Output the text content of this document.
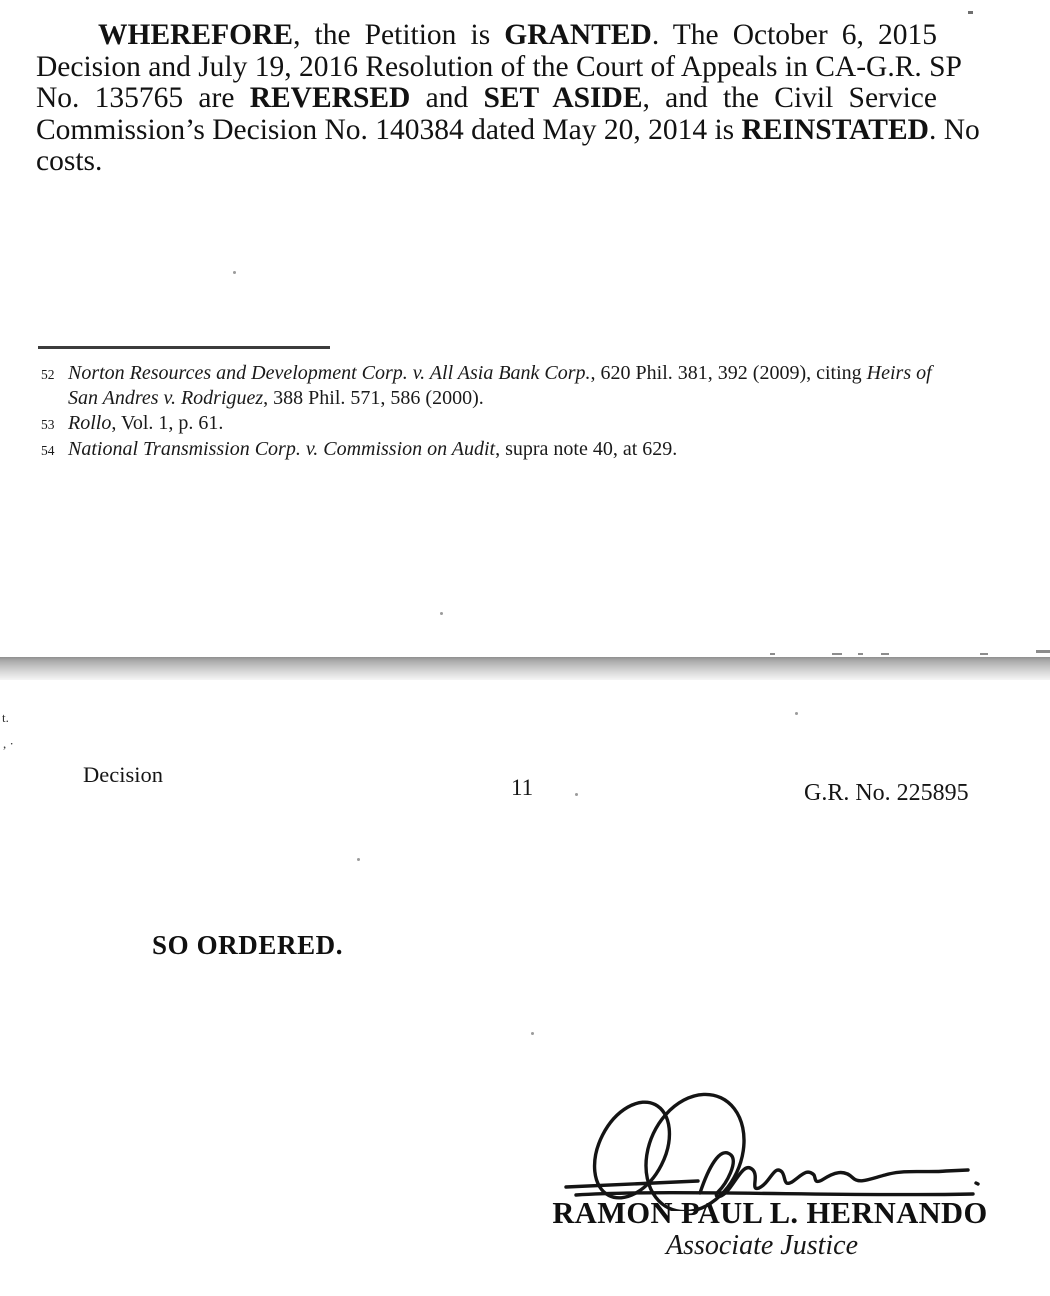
WHEREFORE, the Petition is GRANTED. The October 6, 2015
Decision and July 19, 2016 Resolution of the Court of Appeals in CA-G.R. SP
No. 135765 are REVERSED and SET ASIDE, and the Civil Service
Commission’s Decision No. 140384 dated May 20, 2014 is REINSTATED. No
costs.
52 Norton Resources and Development Corp. v. All Asia Bank Corp., 620 Phil. 381, 392 (2009), citing Heirs of San Andres v. Rodriguez, 388 Phil. 571, 586 (2000).
53 Rollo, Vol. 1, p. 61.
54 National Transmission Corp. v. Commission on Audit, supra note 40, at 629.
t.
, ·
Decision
11	G.R. No. 225895
SO ORDERED.
RAMON PAUL L. HERNANDO
Associate Justice
